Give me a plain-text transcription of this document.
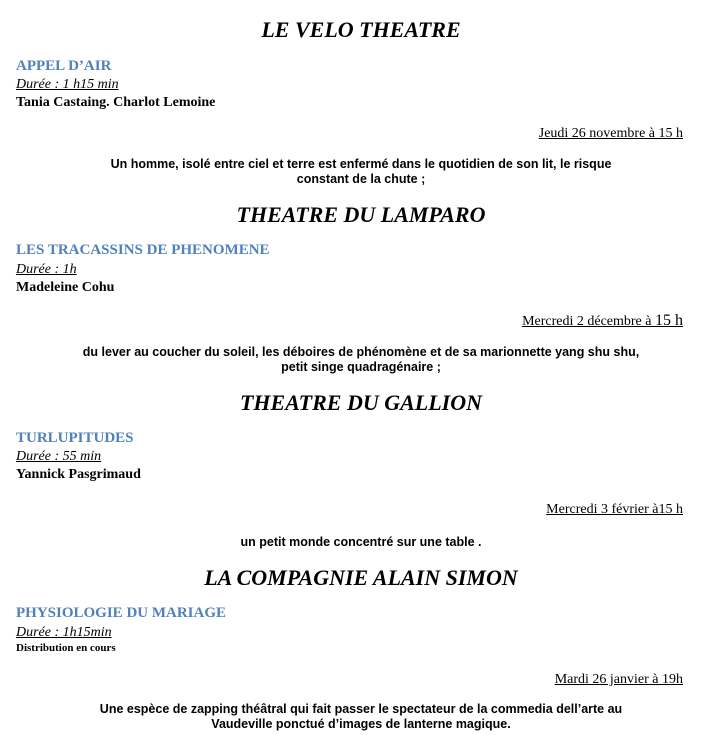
LE VELO THEATRE
APPEL D’AIR
Durée : 1 h15 min
Tania Castaing. Charlot Lemoine
Jeudi 26 novembre à 15 h
Un homme, isolé entre ciel et terre est enfermé dans le quotidien de son lit, le risque
constant de la chute ;
THEATRE DU LAMPARO
LES TRACASSINS DE PHENOMENE
Durée : 1h
Madeleine Cohu
Mercredi 2 décembre à 15 h
du lever au coucher du soleil, les déboires de phénomène et de sa marionnette yang shu shu,
petit singe quadragénaire ;
THEATRE DU GALLION
TURLUPITUDES
Durée : 55 min
Yannick Pasgrimaud
Mercredi 3 février à15 h
un petit monde concentré sur une table .
LA COMPAGNIE ALAIN SIMON
PHYSIOLOGIE DU MARIAGE
Durée : 1h15min
Distribution en cours
Mardi 26 janvier à 19h
Une espèce de zapping théâtral qui fait passer le spectateur de la commedia dell’arte au
Vaudeville ponctué d’images de lanterne magique.
